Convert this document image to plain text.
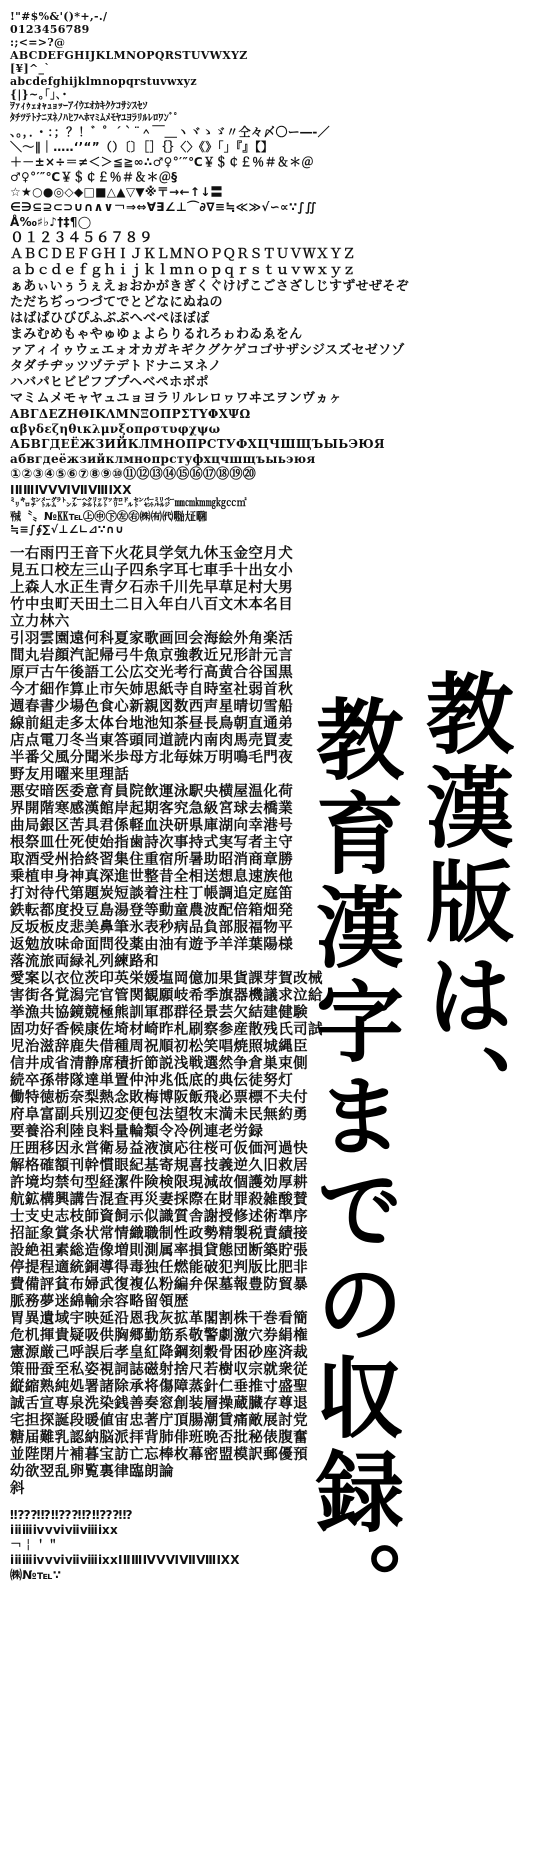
!"#$%&'()*+,-./
0123456789
:;<=>?@
ABCDEFGHIJKLMNOPQRSTUVWXYZ
[¥]^_`
abcdefghijklmnopqrstuvwxyz
{|}~｡｢｣､･
ｦｧｨｩｪｫｬｭｮｯｰｱｲｳｴｵｶｷｸｹｺｻｼｽｾｿ
ﾀﾁﾂﾃﾄﾅﾆﾇﾈﾉﾊﾋﾌﾍﾎﾏﾐﾑﾒﾓﾔﾕﾖﾗﾘﾙﾚﾛﾜﾝﾞﾟ
、。，．・：；？！゛゜´｀¨＾￣＿ヽヾゝゞ〃仝々〆〇ー―‐／
＼～∥｜…‥‘’“”（）〔〕［］｛｝〈〉《》「」『』【】
＋－±×÷＝≠＜＞≦≧∞∴♂♀°′″℃￥＄￠￡％＃＆＊＠
♂♀°′″℃￥＄￠￡％＃＆＊＠§
☆★○●◎◇◆□■△▲▽▼※〒→←↑↓〓
∈∋⊆⊇⊂⊃∪∩∧∨￢⇒⇔∀∃∠⊥⌒∂∇≡≒≪≫√∽∝∵∫∬
Å‰♯♭♪†‡¶◯
０１２３４５６７８９
ＡＢＣＤＥＦＧＨＩＪＫＬＭＮＯＰＱＲＳＴＵＶＷＸＹＺ
ａｂｃｄｅｆｇｈｉｊｋｌｍｎｏｐｑｒｓｔｕｖｗｘｙｚ
ぁあぃいぅうぇえぉおかがきぎくぐけげこごさざしじすずせぜそぞ
ただちぢっつづてでとどなにぬねの
はばぱひびぴふぶぷへべぺほぼぽ
まみむめもゃやゅゆょよらりるれろゎわゐゑをん
ァアィイゥウェエォオカガキギクグケゲコゴサザシジスズセゼソゾ
タダチヂッツヅテデトドナニヌネノ
ハバパヒビピフブプヘベペホボポ
マミムメモャヤュユョヨラリルレロヮワヰヱヲンヴヵヶ
ΑΒΓΔΕΖΗΘΙΚΛΜΝΞΟΠΡΣΤΥΦΧΨΩ
αβγδεζηθικλμνξοπρστυφχψω
АБВГДЕЁЖЗИЙКЛМНОПРСТУФХЦЧШЩЪЫЬЭЮЯ
абвгдеёжзийклмнопрстуфхцчшщъыьэюя
①②③④⑤⑥⑦⑧⑨⑩⑪⑫⑬⑭⑮⑯⑰⑱⑲⑳
ⅠⅡⅢⅣⅤⅥⅦⅧⅨⅩ
㍉㌔㌢㍍㌘㌧㌃㌶㍑㍗㌍㌦㌣㌫㍊㌻㎜㎝㎞㎎㎏㏄㎡
㍻〝〟№㏍℡㊤㊥㊦㊧㊨㈱㈲㈹㍾㍽㍼
≒≡∫∮∑√⊥∠∟⊿∵∩∪
一右雨円王音下火花貝学気九休玉金空月犬
見五口校左三山子四糸字耳七車手十出女小
上森人水正生青夕石赤千川先早草足村大男
竹中虫町天田土二日入年白八百文木本名目
立力林六
引羽雲園遠何科夏家歌画回会海絵外角楽活
間丸岩顔汽記帰弓牛魚京強教近兄形計元言
原戸古午後語工公広交光考行高黄合谷国黒
今才細作算止市矢姉思紙寺自時室社弱首秋
週春書少場色食心新親図数西声星晴切雪船
線前組走多太体台地池知茶昼長鳥朝直通弟
店点電刀冬当東答頭同道読内南肉馬売買麦
半番父風分聞米歩母方北毎妹万明鳴毛門夜
野友用曜来里理話
悪安暗医委意育員院飲運泳駅央横屋温化荷
界開階寒感漢館岸起期客究急級宮球去橋業
曲局銀区苦具君係軽血決研県庫湖向幸港号
根祭皿仕死使始指歯詩次事持式実写者主守
取酒受州拾終習集住重宿所暑助昭消商章勝
乗植申身神真深進世整昔全相送想息速族他
打対待代第題炭短談着注柱丁帳調追定庭笛
鉄転都度投豆島湯登等動童農波配倍箱畑発
反坂板皮悲美鼻筆氷表秒病品負部服福物平
返勉放味命面問役薬由油有遊予羊洋葉陽様
落流旅両緑礼列練路和
愛案以衣位茨印英栄媛塩岡億加果貨課芽賀改械
害街各覚潟完官管関観願岐希季旗器機議求泣給
挙漁共協鏡競極熊訓軍郡群径景芸欠結建健験
固功好香候康佐埼材崎昨札刷察参産散残氏司試
児治滋辞鹿失借種周祝順初松笑唱焼照城縄臣
信井成省清静席積折節説浅戦選然争倉巣束側
続卒孫帯隊達単置仲沖兆低底的典伝徒努灯
働特徳栃奈梨熱念敗梅博阪飯飛必票標不夫付
府阜富副兵別辺変便包法望牧末満未民無約勇
要養浴利陸良料量輪類令冷例連老労録
圧囲移因永営衛易益液演応往桜可仮価河過快
解格確額刊幹慣眼紀基寄規喜技義逆久旧救居
許境均禁句型経潔件険検限現減故個護効厚耕
航鉱構興講告混査再災妻採際在財罪殺雑酸賛
士支史志枝師資飼示似識質舎謝授修述術準序
招証象賞条状常情織職制性政勢精製税責績接
設絶祖素総造像増則測属率損貸態団断築貯張
停提程適統銅導得毒独任燃能破犯判版比肥非
費備評貧布婦武復複仏粉編弁保墓報豊防貿暴
脈務夢迷綿輸余容略留領歴
胃異遺域宇映延沿恩我灰拡革閣割株干巻看簡
危机揮貴疑吸供胸郷勤筋系敬警劇激穴券絹権
憲源厳己呼誤后孝皇紅降鋼刻穀骨困砂座済裁
策冊蚕至私姿視詞誌磁射捨尺若樹収宗就衆従
縦縮熟純処署諸除承将傷障蒸針仁垂推寸盛聖
誠舌宣専泉洗染銭善奏窓創装層操蔵臓存尊退
宅担探誕段暖値宙忠著庁頂腸潮賃痛敵展討党
糖届難乳認納脳派拝背肺俳班晩否批秘俵腹奮
並陛閉片補暮宝訪亡忘棒枚幕密盟模訳郵優預
幼欲翌乱卵覧裏律臨朗論
斜
‼⁇⁈⁉‼⁇⁈⁉‼⁇⁈⁉
ⅰⅱⅲⅳⅴⅵⅶⅷⅸⅹ
￢￤＇＂
ⅰⅱⅲⅳⅴⅵⅶⅷⅸⅹⅠⅡⅢⅣⅤⅥⅦⅧⅨⅩ
㈱№℡∵
教漢版は、
教育漢字までの収録。
